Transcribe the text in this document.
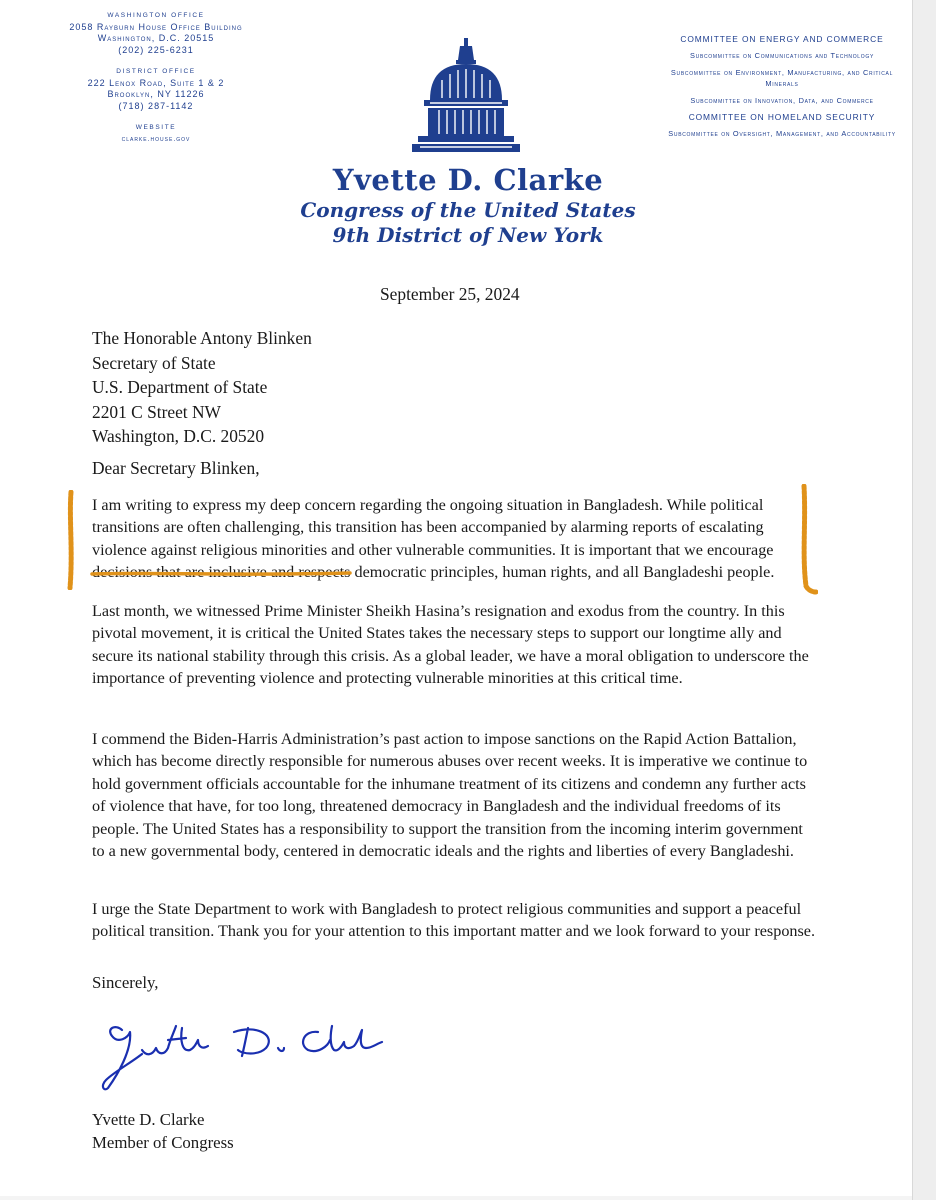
WASHINGTON OFFICE
2058 Rayburn House Office Building
Washington, D.C. 20515
(202) 225-6231
DISTRICT OFFICE
222 Lenox Road, Suite 1 & 2
Brooklyn, NY 11226
(718) 287-1142
WEBSITE
clarke.house.gov
COMMITTEE ON ENERGY AND COMMERCE
Subcommittee on Communications and Technology
Subcommittee on Environment, Manufacturing, and Critical Minerals
Subcommittee on Innovation, Data, and Commerce
COMMITTEE ON HOMELAND SECURITY
Subcommittee on Oversight, Management, and Accountability
Yvette D. Clarke
Congress of the United States
9th District of New York
September 25, 2024
The Honorable Antony Blinken
Secretary of State
U.S. Department of State
2201 C Street NW
Washington, D.C. 20520
Dear Secretary Blinken,
I am writing to express my deep concern regarding the ongoing situation in Bangladesh. While political transitions are often challenging, this transition has been accompanied by alarming reports of escalating violence against religious minorities and other vulnerable communities. It is important that we encourage decisions that are inclusive and respects democratic principles, human rights, and all Bangladeshi people.
Last month, we witnessed Prime Minister Sheikh Hasina’s resignation and exodus from the country. In this pivotal movement, it is critical the United States takes the necessary steps to support our longtime ally and secure its national stability through this crisis. As a global leader, we have a moral obligation to underscore the importance of preventing violence and protecting vulnerable minorities at this critical time.
I commend the Biden-Harris Administration’s past action to impose sanctions on the Rapid Action Battalion, which has become directly responsible for numerous abuses over recent weeks. It is imperative we continue to hold government officials accountable for the inhumane treatment of its citizens and condemn any further acts of violence that have, for too long, threatened democracy in Bangladesh and the individual freedoms of its people. The United States has a responsibility to support the transition from the incoming interim government to a new governmental body, centered in democratic ideals and the rights and liberties of every Bangladeshi.
I urge the State Department to work with Bangladesh to protect religious communities and support a peaceful political transition. Thank you for your attention to this important matter and we look forward to your response.
Sincerely,
Yvette D. Clarke
Member of Congress
